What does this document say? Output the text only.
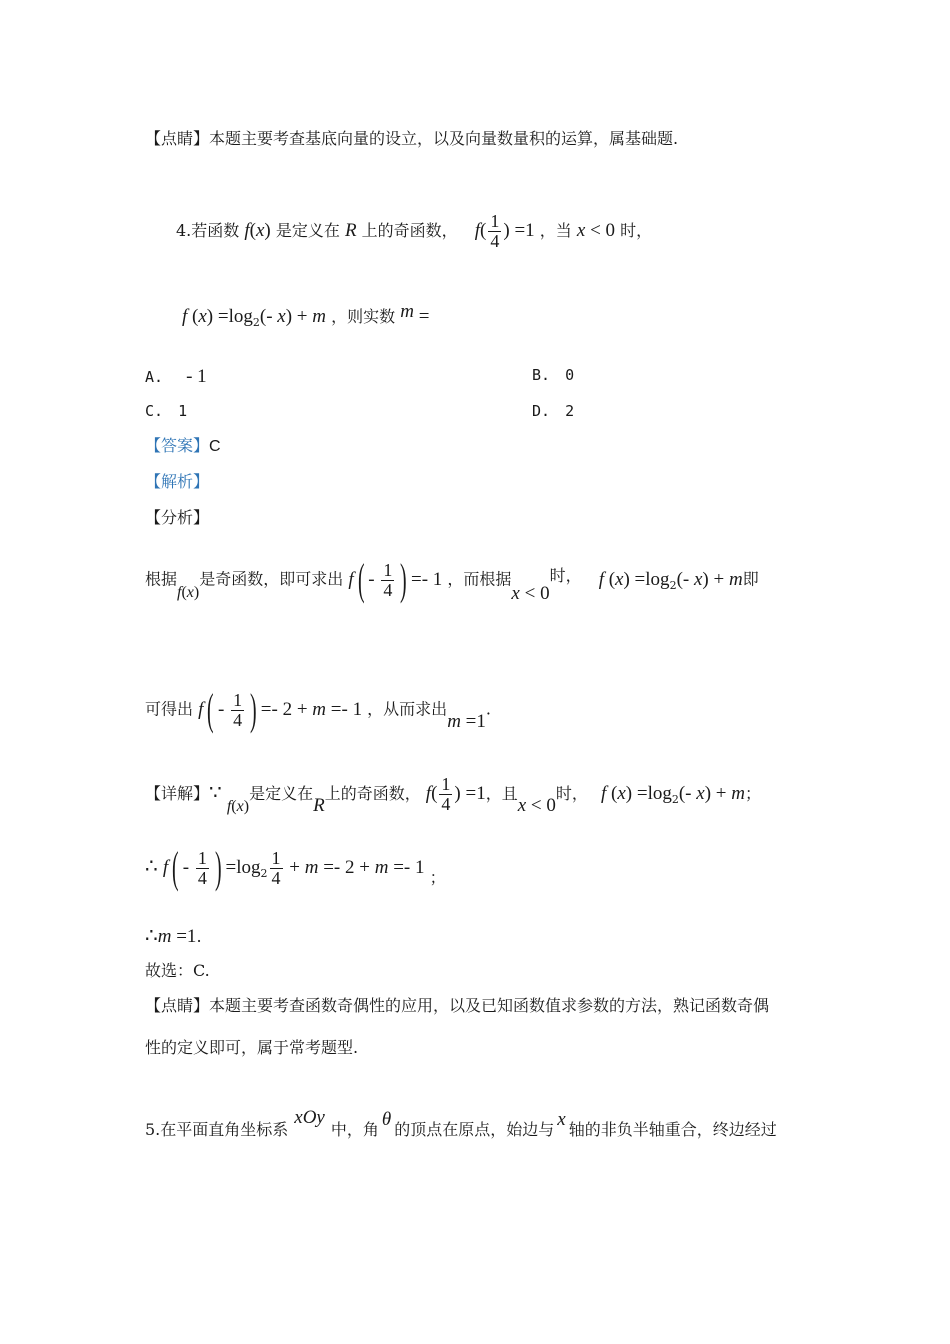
【点睛】本题主要考查基底向量的设立，以及向量数量积的运算，属基础题.
4.若函数 f(x) 是定义在 R 上的奇函数， $f( \frac{1}{4}$ ) =1 ，当 x < 0 时，
f $(x) =\log_2(-$ x) + m ，则实数 m =
A. - 1	B. 0
C. 1	D. 2
【答案】C
【解析】
【分析】
根据f(x)是奇函数，即可求出 $f( - \frac{1}{4}$ ) =- 1 ，而根据x < 0时， f $(x) =\log_2(-$ x) + m即
可得出 $f( - \frac{1}{4}$ ) =- 2 + m =- 1 ，从而求出m =1.
【详解】∵ f(x)是定义在R上的奇函数， $f( \frac{1}{4}$ ) =1，且x < 0时， f $(x) =\log_2(-$ x) + m；
∴ $f( - \frac{1}{4}$ ) $=\log_2 \frac{1}{4} + m =- 2 + m =- 1$ ；
∴m =1.
故选：C.
【点睛】本题主要考查函数奇偶性的应用，以及已知函数值求参数的方法，熟记函数奇偶
性的定义即可，属于常考题型.
5.在平面直角坐标系xOy中，角 θ 的顶点在原点，始边与 x 轴的非负半轴重合，终边经过
